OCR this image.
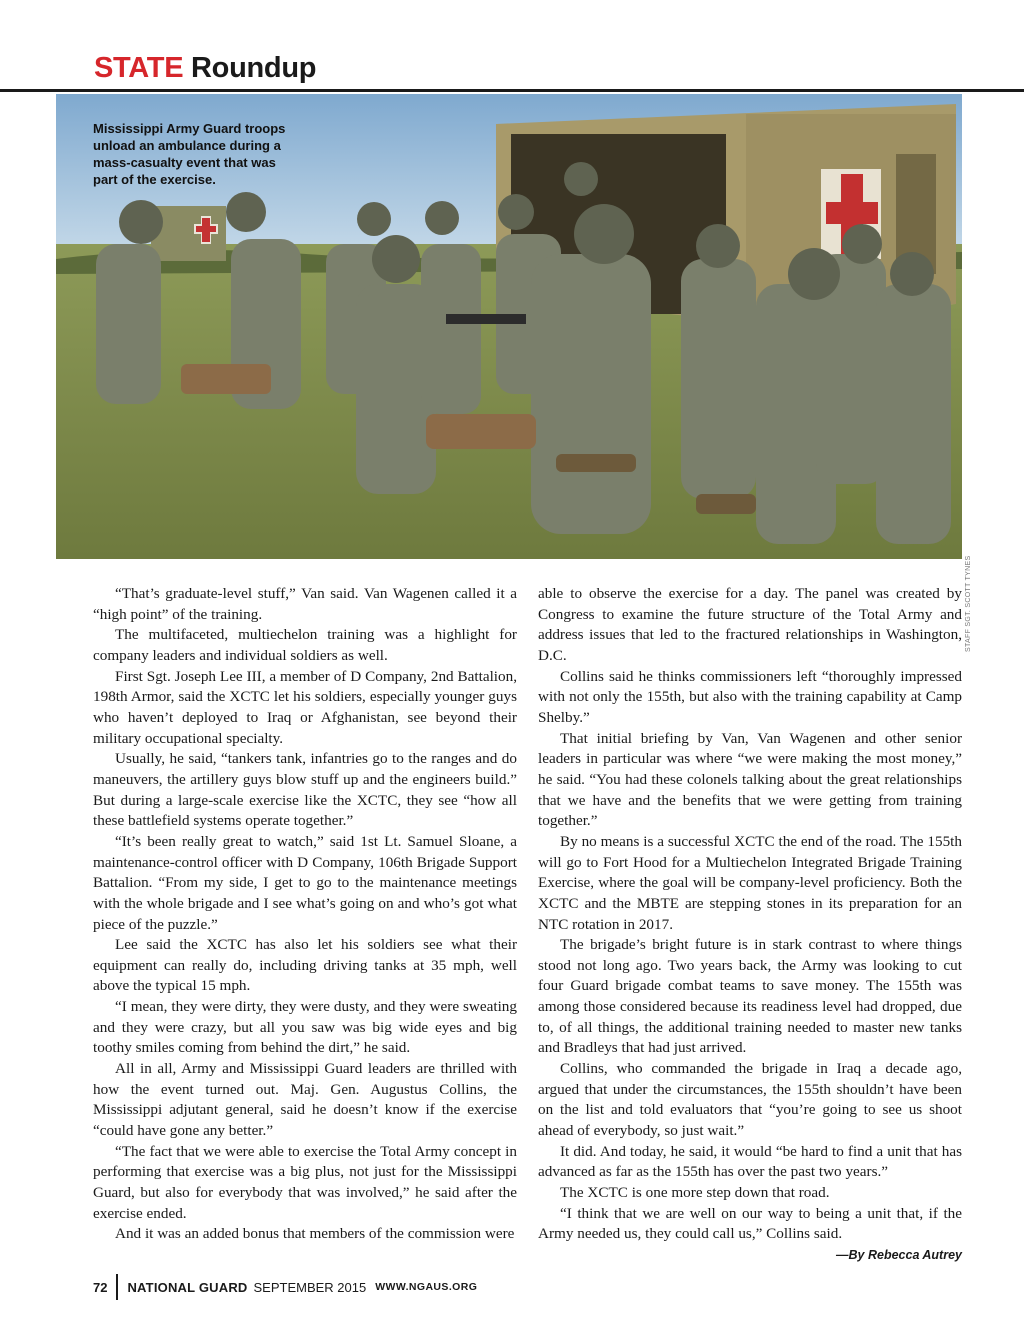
STATE Roundup
Mississippi Army Guard troops unload an ambulance during a mass-casualty event that was part of the exercise.
STAFF SGT. SCOTT TYNES

“That’s graduate-level stuff,” Van said. Van Wagenen called it a “high point” of the training.

The multifaceted, multiechelon training was a highlight for company leaders and individual soldiers as well.

First Sgt. Joseph Lee III, a member of D Company, 2nd Battalion, 198th Armor, said the XCTC let his soldiers, especially younger guys who haven’t deployed to Iraq or Afghanistan, see beyond their military occupational specialty.

Usually, he said, “tankers tank, infantries go to the ranges and do maneuvers, the artillery guys blow stuff up and the engineers build.” But during a large-scale exercise like the XCTC, they see “how all these battlefield systems operate together.”

“It’s been really great to watch,” said 1st Lt. Samuel Sloane, a maintenance-control officer with D Company, 106th Brigade Support Battalion. “From my side, I get to go to the maintenance meetings with the whole brigade and I see what’s going on and who’s got what piece of the puzzle.”

Lee said the XCTC has also let his soldiers see what their equipment can really do, including driving tanks at 35 mph, well above the typical 15 mph.

“I mean, they were dirty, they were dusty, and they were sweating and they were crazy, but all you saw was big wide eyes and big toothy smiles coming from behind the dirt,” he said.

All in all, Army and Mississippi Guard leaders are thrilled with how the event turned out. Maj. Gen. Augustus Collins, the Mississippi adjutant general, said he doesn’t know if the exercise “could have gone any better.”

“The fact that we were able to exercise the Total Army concept in performing that exercise was a big plus, not just for the Mississippi Guard, but also for everybody that was involved,” he said after the exercise ended.

And it was an added bonus that members of the commission were

able to observe the exercise for a day. The panel was created by Congress to examine the future structure of the Total Army and address issues that led to the fractured relationships in Washington, D.C.

Collins said he thinks commissioners left “thoroughly impressed with not only the 155th, but also with the training capability at Camp Shelby.”

That initial briefing by Van, Van Wagenen and other senior leaders in particular was where “we were making the most money,” he said. “You had these colonels talking about the great relationships that we have and the benefits that we were getting from training together.”

By no means is a successful XCTC the end of the road. The 155th will go to Fort Hood for a Multiechelon Integrated Brigade Training Exercise, where the goal will be company-level proficiency. Both the XCTC and the MBTE are stepping stones in its preparation for an NTC rotation in 2017.

The brigade’s bright future is in stark contrast to where things stood not long ago. Two years back, the Army was looking to cut four Guard brigade combat teams to save money. The 155th was among those considered because its readiness level had dropped, due to, of all things, the additional training needed to master new tanks and Bradleys that had just arrived.

Collins, who commanded the brigade in Iraq a decade ago, argued that under the circumstances, the 155th shouldn’t have been on the list and told evaluators that “you’re going to see us shoot ahead of everybody, so just wait.”

It did. And today, he said, it would “be hard to find a unit that has advanced as far as the 155th has over the past two years.”

The XCTC is one more step down that road.

“I think that we are well on our way to being a unit that, if the Army needed us, they could call us,” Collins said.

—By Rebecca Autrey

72 NATIONAL GUARD SEPTEMBER 2015 WWW.NGAUS.ORG
